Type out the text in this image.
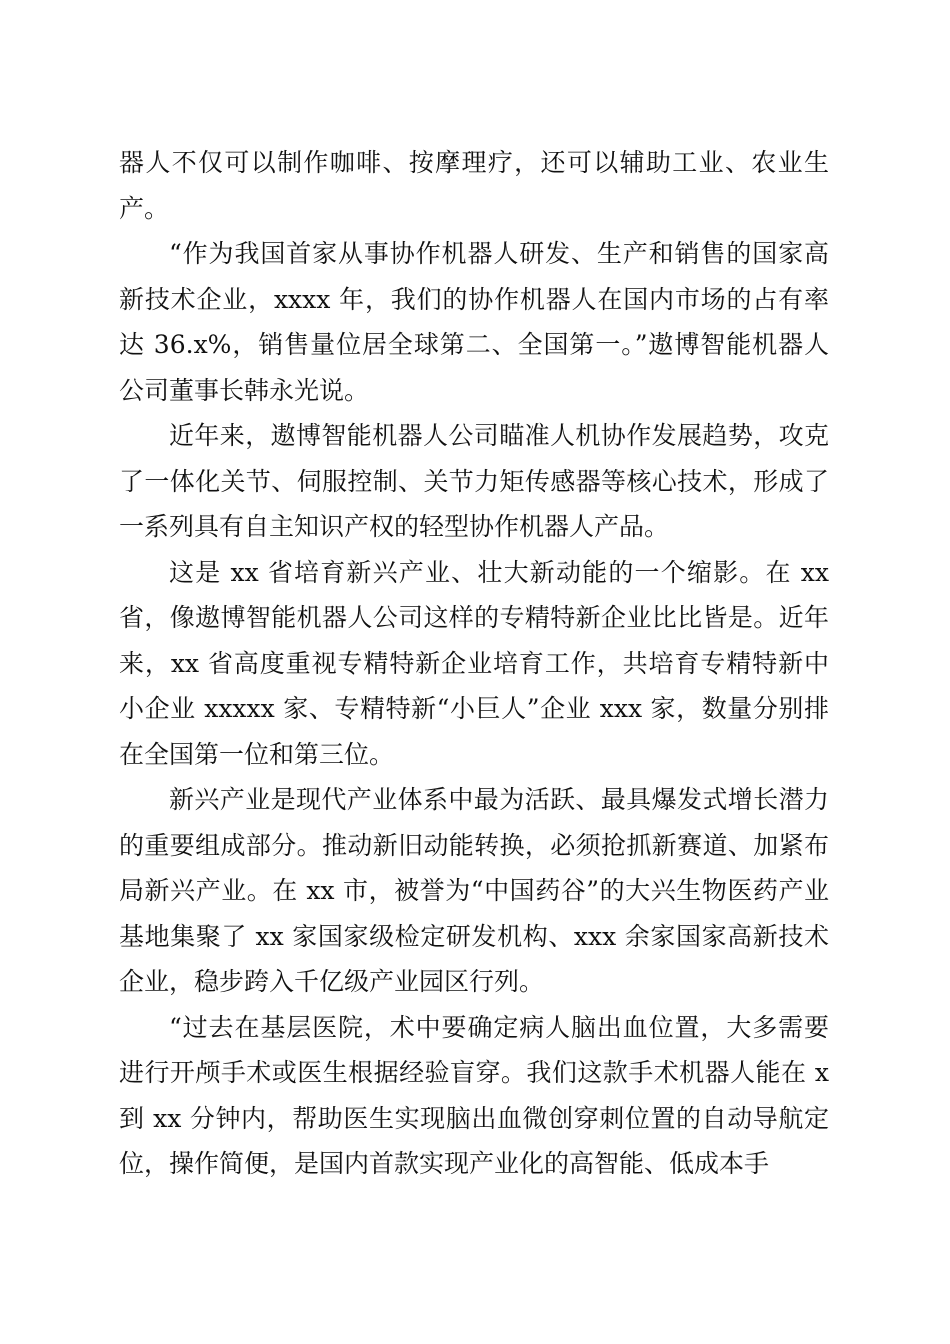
器人不仅可以制作咖啡、按摩理疗，还可以辅助工业、农业生产。

“作为我国首家从事协作机器人研发、生产和销售的国家高新技术企业，xxxx 年，我们的协作机器人在国内市场的占有率达 36.x%，销售量位居全球第二、全国第一。”遨博智能机器人公司董事长韩永光说。

近年来，遨博智能机器人公司瞄准人机协作发展趋势，攻克了一体化关节、伺服控制、关节力矩传感器等核心技术，形成了一系列具有自主知识产权的轻型协作机器人产品。

这是 xx 省培育新兴产业、壮大新动能的一个缩影。在 xx 省，像遨博智能机器人公司这样的专精特新企业比比皆是。近年来，xx 省高度重视专精特新企业培育工作，共培育专精特新中小企业 xxxxx 家、专精特新“小巨人”企业 xxx 家，数量分别排在全国第一位和第三位。

新兴产业是现代产业体系中最为活跃、最具爆发式增长潜力的重要组成部分。推动新旧动能转换，必须抢抓新赛道、加紧布局新兴产业。在 xx 市，被誉为“中国药谷”的大兴生物医药产业基地集聚了 xx 家国家级检定研发机构、xxx 余家国家高新技术企业，稳步跨入千亿级产业园区行列。

“过去在基层医院，术中要确定病人脑出血位置，大多需要进行开颅手术或医生根据经验盲穿。我们这款手术机器人能在 x 到 xx 分钟内，帮助医生实现脑出血微创穿刺位置的自动导航定位，操作简便，是国内首款实现产业化的高智能、低成本手
